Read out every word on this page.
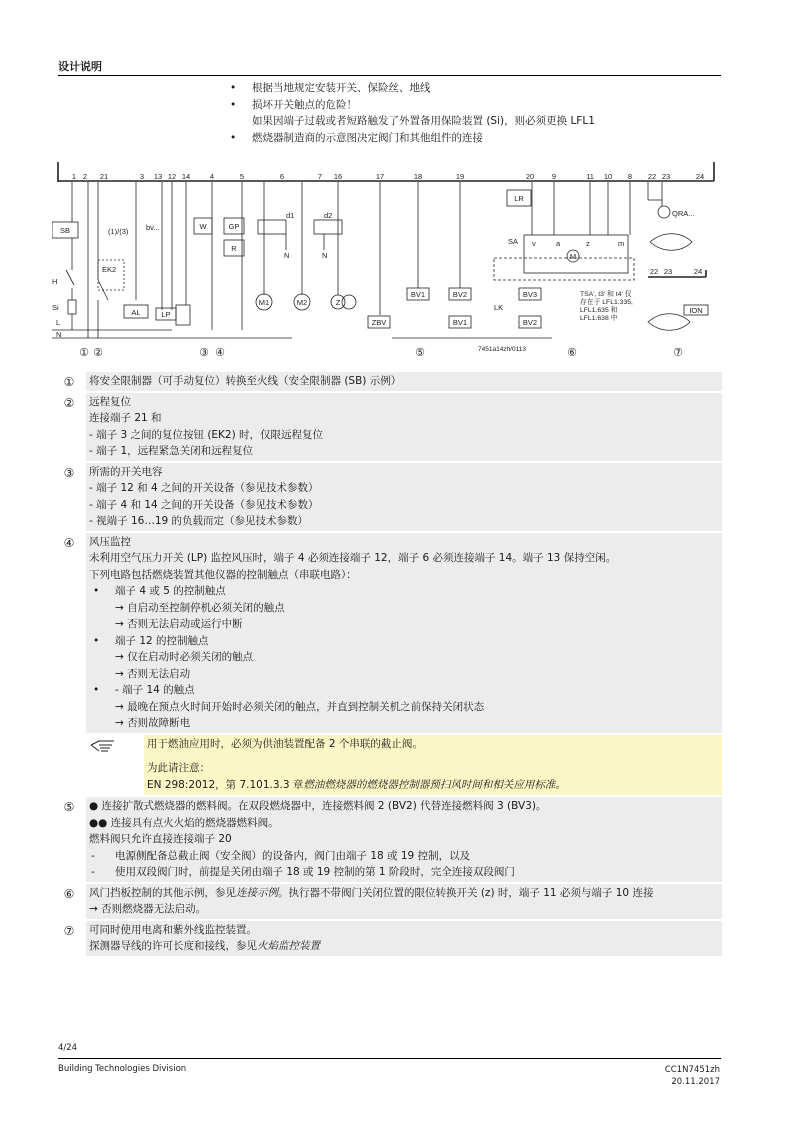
设计说明
• 根据当地规定安装开关、保险丝、地线
• 损坏开关触点的危险！
如果因端子过载或者短路触发了外置备用保险装置 (Si)，则必须更换 LFL1
• 燃烧器制造商的示意图决定阀门和其他组件的连接
1 2 21	3 13 12 14	4	5	6	7 16	17	18	19	20 9	11 10 8 22 23	24
SB
H
Si
L
N
(1)/(3)
EK2
AL
bv...
LP
W	GP
R
M1
d1
N
M2
d2
N
Z
ZBV
BV1	BV2
BV1
LK
BV3
BV2
LR
SA v	a	z	m
M
TSA', t3' 和 t4' 仅
存在于 LFL1.335,
LFL1.635 和
LFL1.638 中
QRA...
22 23	24
ION
7451a14zh/0113
① ②	③ ④	⑤	⑥	⑦
①	将安全限制器（可手动复位）转换至火线（安全限制器 (SB) 示例）
②	远程复位
连接端子 21 和
- 端子 3 之间的复位按钮 (EK2) 时，仅限远程复位
- 端子 1，远程紧急关闭和远程复位
③	所需的开关电容
- 端子 12 和 4 之间的开关设备（参见技术参数）
- 端子 4 和 14 之间的开关设备（参见技术参数）
- 视端子 16…19 的负载而定（参见技术参数）
④	风压监控
未利用空气压力开关 (LP) 监控风压时，端子 4 必须连接端子 12，端子 6 必须连接端子 14。端子 13 保持空闲。
下列电路包括燃烧装置其他仪器的控制触点（串联电路）：
• 端子 4 或 5 的控制触点
→ 自启动至控制停机必须关闭的触点
→ 否则无法启动或运行中断
• 端子 12 的控制触点
→ 仅在启动时必须关闭的触点
→ 否则无法启动
• - 端子 14 的触点
→ 最晚在预点火时间开始时必须关闭的触点，并直到控制关机之前保持关闭状态
→ 否则故障断电
用于燃油应用时，必须为供油装置配备 2 个串联的截止阀。
为此请注意：
EN 298:2012，第 7.101.3.3 章燃油燃烧器的燃烧器控制器预扫风时间和相关应用标准。
⑤	● 连接扩散式燃烧器的燃料阀。在双段燃烧器中，连接燃料阀 2 (BV2) 代替连接燃料阀 3 (BV3)。
●● 连接具有点火火焰的燃烧器燃料阀。
燃料阀只允许直接连接端子 20
- 电源侧配备总截止阀（安全阀）的设备内，阀门由端子 18 或 19 控制，以及
- 使用双段阀门时，前提是关闭由端子 18 或 19 控制的第 1 阶段时，完全连接双段阀门
⑥	风门挡板控制的其他示例，参见连接示例。执行器不带阀门关闭位置的限位转换开关 (z) 时，端子 11 必须与端子 10 连接
→ 否则燃烧器无法启动。
⑦	可同时使用电离和紫外线监控装置。
探测器导线的许可长度和接线，参见火焰监控装置
4/24
Building Technologies Division	CC1N7451zh
20.11.2017
